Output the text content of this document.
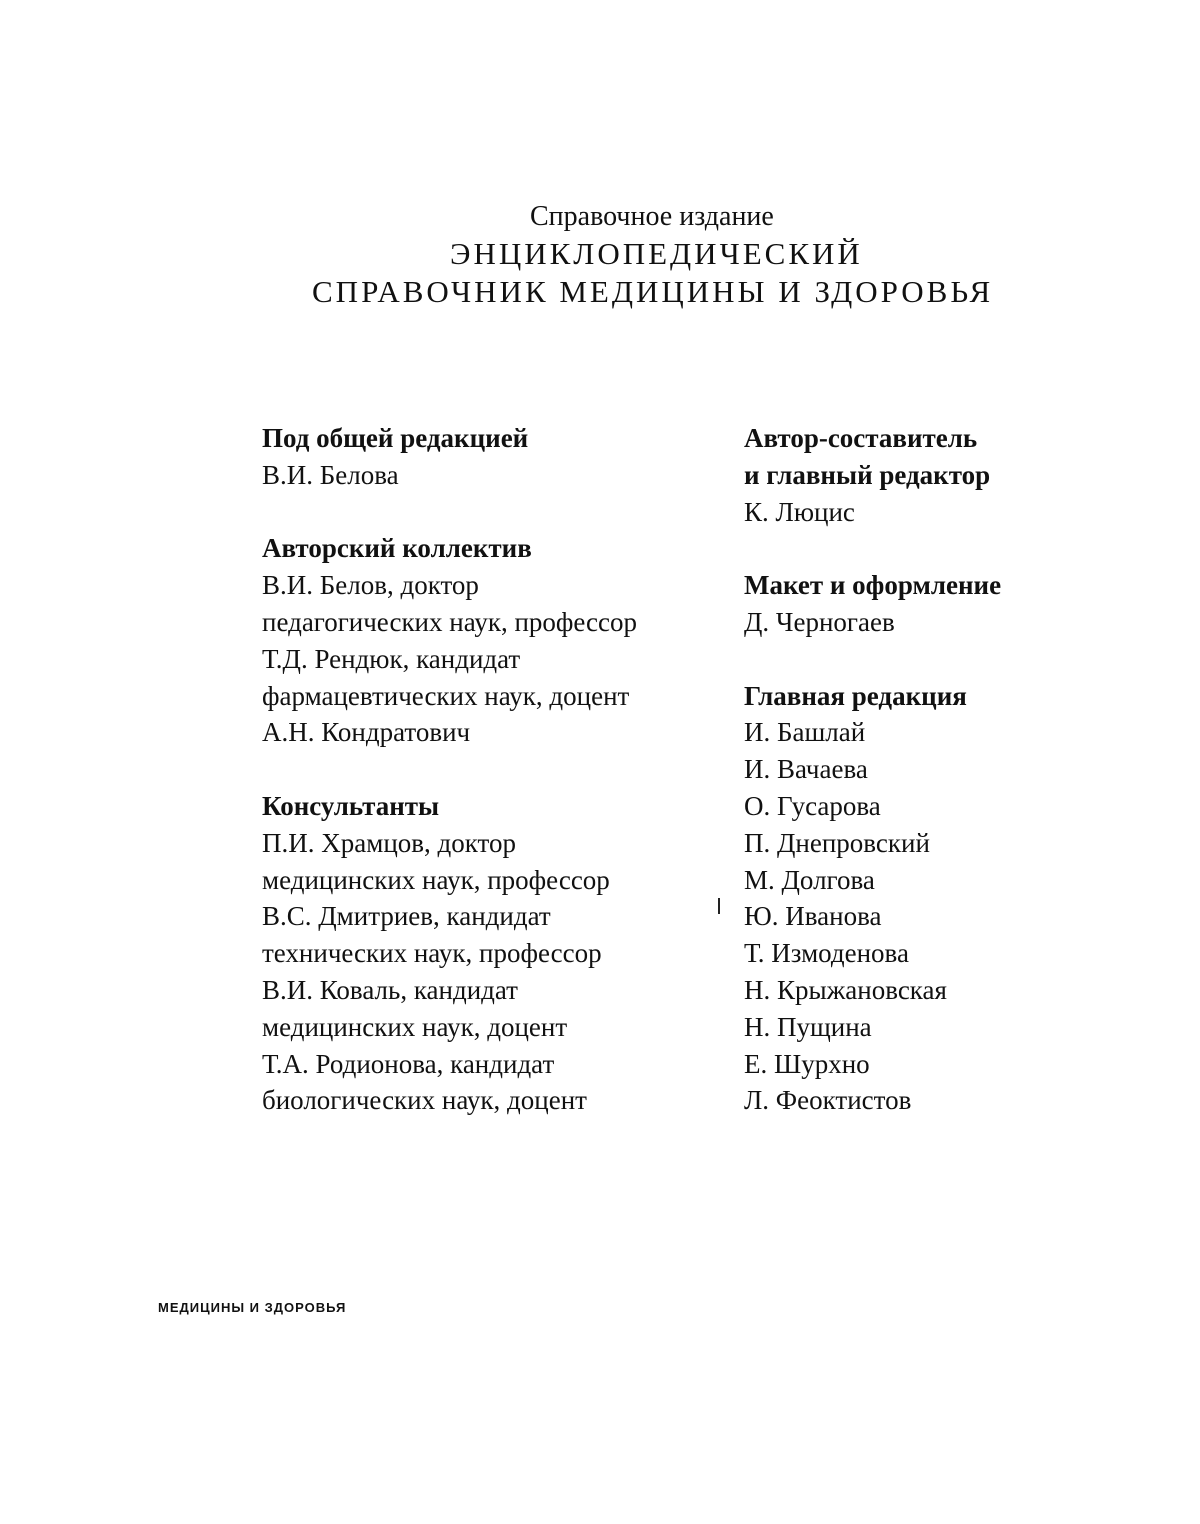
Справочное издание
ЭНЦИКЛОПЕДИЧЕСКИЙ
СПРАВОЧНИК МЕДИЦИНЫ И ЗДОРОВЬЯ
Под общей редакцией
В.И. Белова
Авторский коллектив
В.И. Белов, доктор
педагогических наук, профессор
Т.Д. Рендюк, кандидат
фармацевтических наук, доцент
А.Н. Кондратович
Консультанты
П.И. Храмцов, доктор
медицинских наук, профессор
В.С. Дмитриев, кандидат
технических наук, профессор
В.И. Коваль, кандидат
медицинских наук, доцент
Т.А. Родионова, кандидат
биологических наук, доцент
Автор-составитель
и главный редактор
К. Люцис
Макет и оформление
Д. Черногаев
Главная редакция
И. Башлай
И. Вачаева
О. Гусарова
П. Днепровский
М. Долгова
Ю. Иванова
Т. Измоденова
Н. Крыжановская
Н. Пущина
Е. Шурхно
Л. Феоктистов
МЕДИЦИНЫ И ЗДОРОВЬЯ
